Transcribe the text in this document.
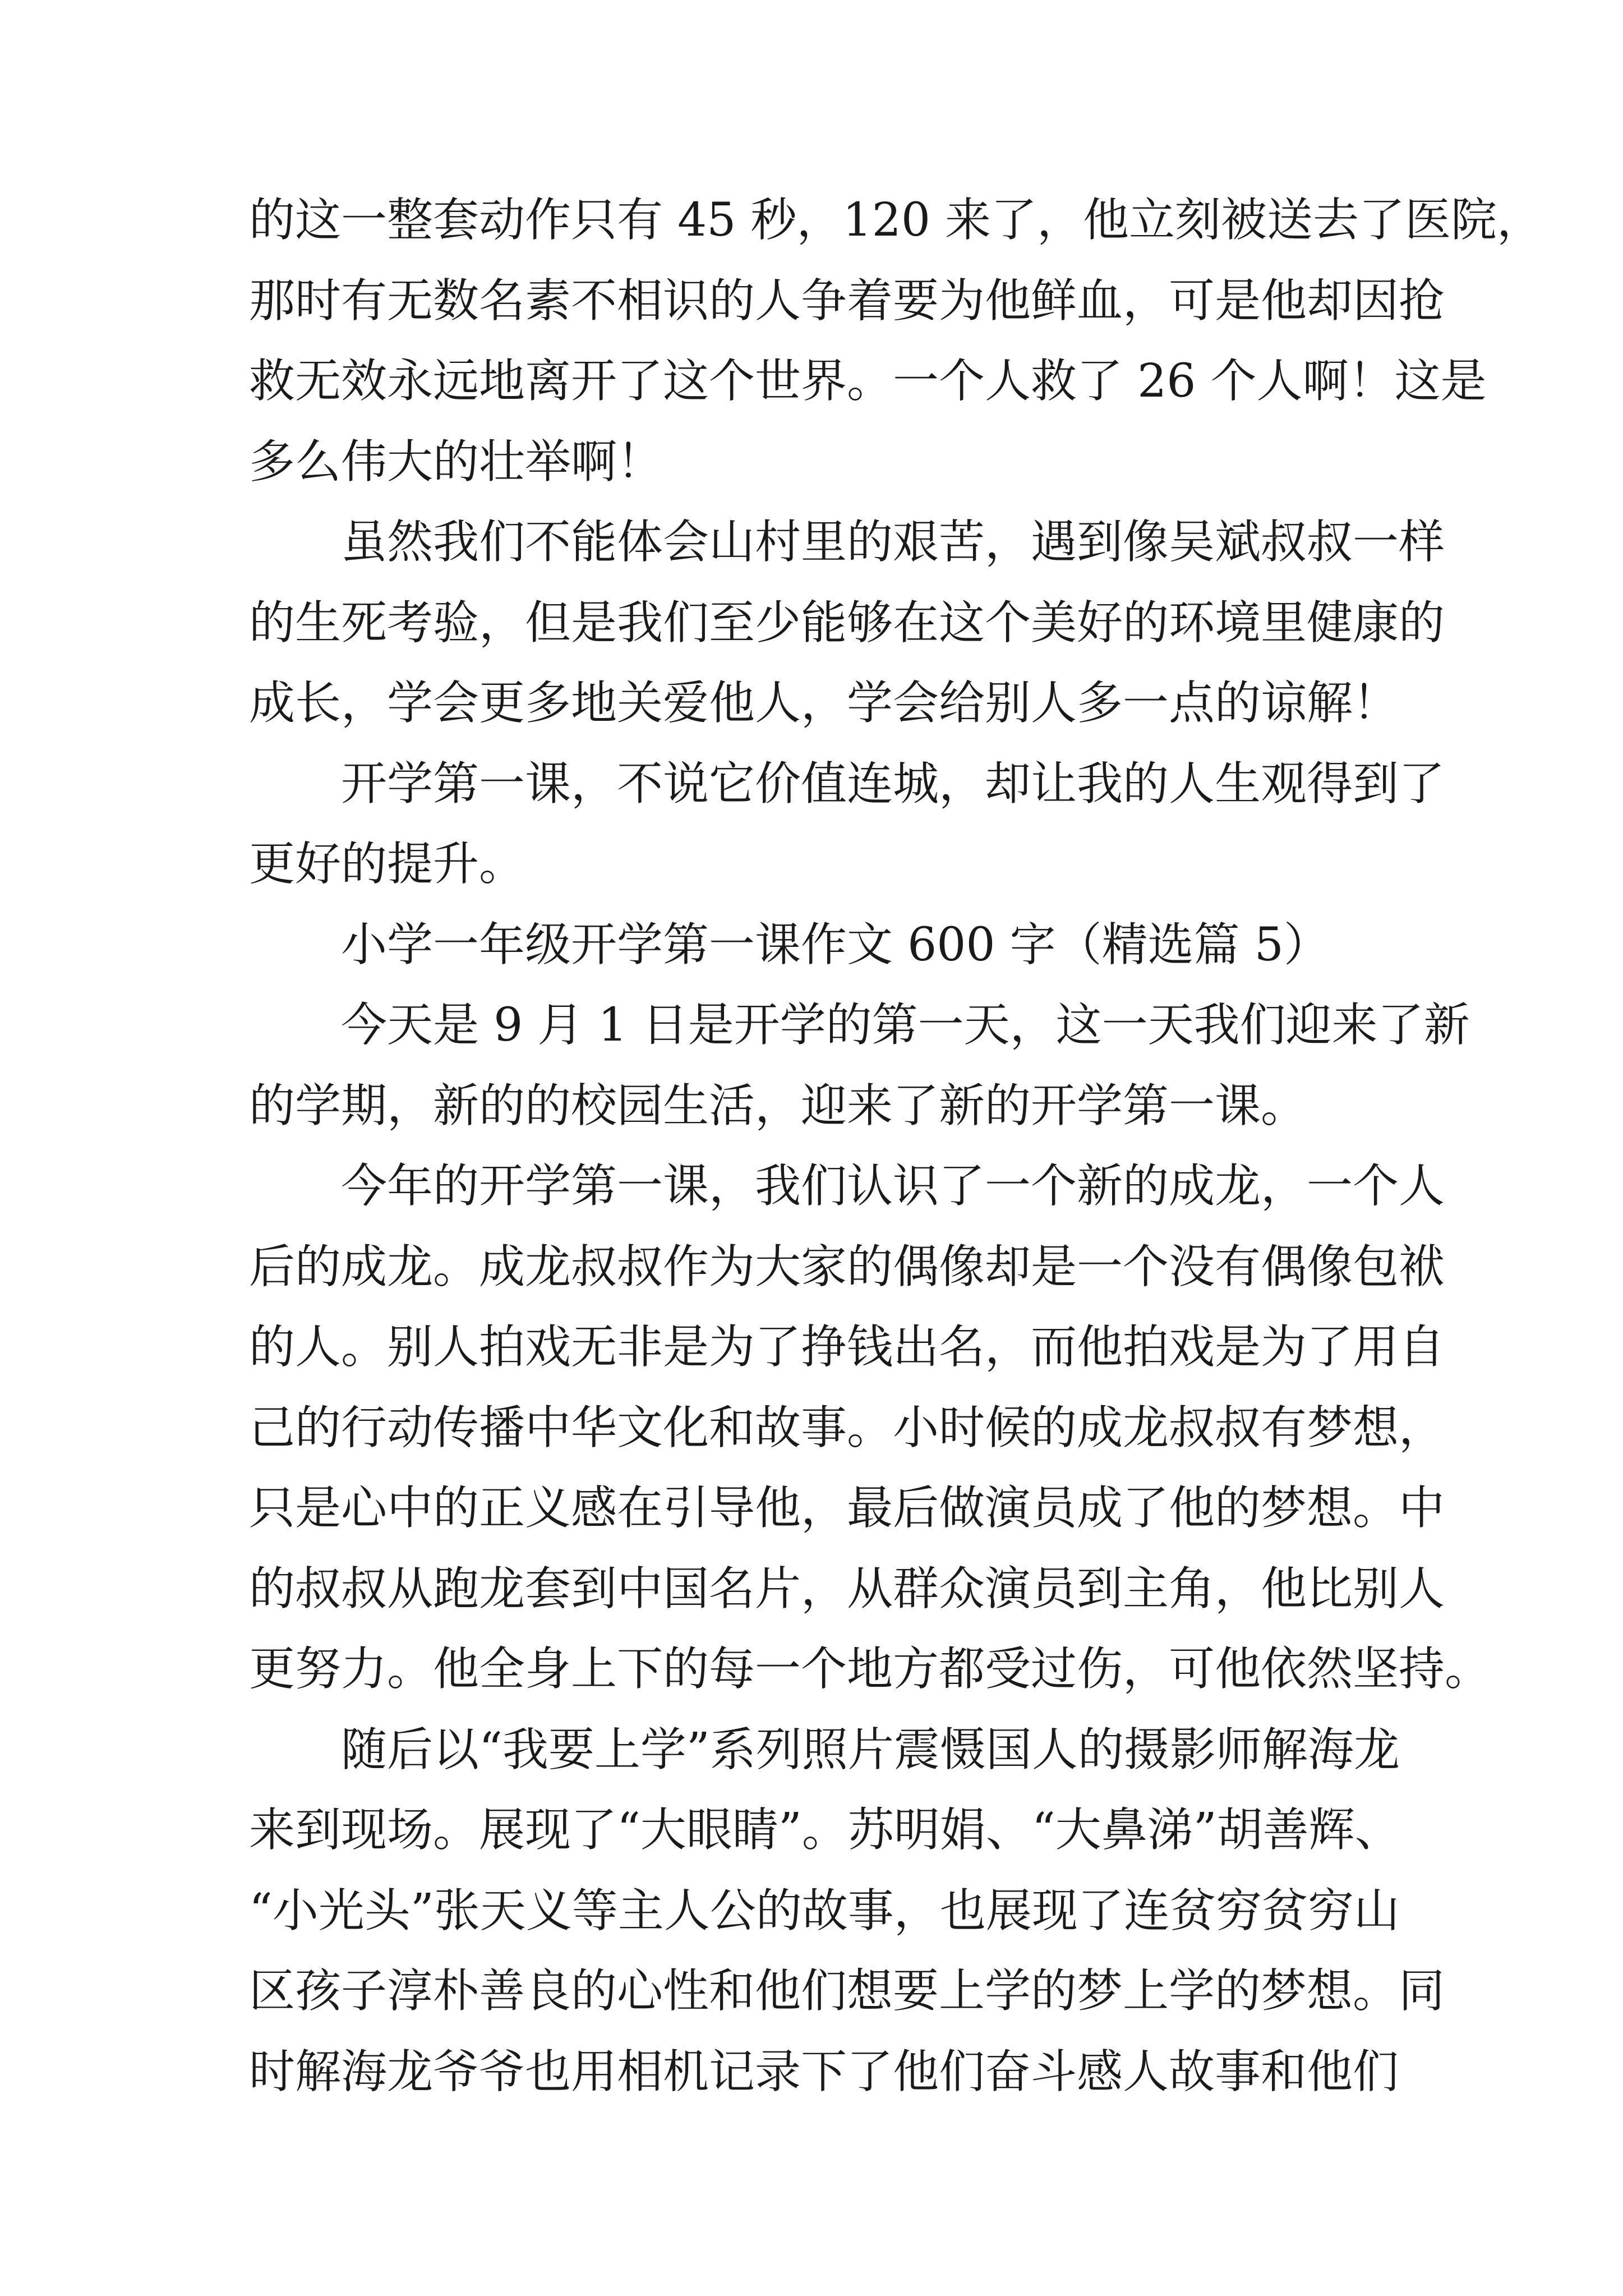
的这一整套动作只有 45 秒，120 来了，他立刻被送去了医院，
那时有无数名素不相识的人争着要为他鲜血，可是他却因抢
救无效永远地离开了这个世界。一个人救了 26 个人啊！这是
多么伟大的壮举啊！
虽然我们不能体会山村里的艰苦，遇到像吴斌叔叔一样
的生死考验，但是我们至少能够在这个美好的环境里健康的
成长，学会更多地关爱他人，学会给别人多一点的谅解！
开学第一课，不说它价值连城，却让我的人生观得到了
更好的提升。
小学一年级开学第一课作文 600 字（精选篇 5）
今天是 9 月 1 日是开学的第一天，这一天我们迎来了新
的学期，新的的校园生活，迎来了新的开学第一课。
今年的开学第一课，我们认识了一个新的成龙，一个人
后的成龙。成龙叔叔作为大家的偶像却是一个没有偶像包袱
的人。别人拍戏无非是为了挣钱出名，而他拍戏是为了用自
己的行动传播中华文化和故事。小时候的成龙叔叔有梦想，
只是心中的正义感在引导他，最后做演员成了他的梦想。中
的叔叔从跑龙套到中国名片，从群众演员到主角，他比别人
更努力。他全身上下的每一个地方都受过伤，可他依然坚持。
随后以“我要上学”系列照片震慑国人的摄影师解海龙
来到现场。展现了“大眼睛”。苏明娟、“大鼻涕”胡善辉、
“小光头”张天义等主人公的故事，也展现了连贫穷贫穷山
区孩子淳朴善良的心性和他们想要上学的梦上学的梦想。同
时解海龙爷爷也用相机记录下了他们奋斗感人故事和他们
